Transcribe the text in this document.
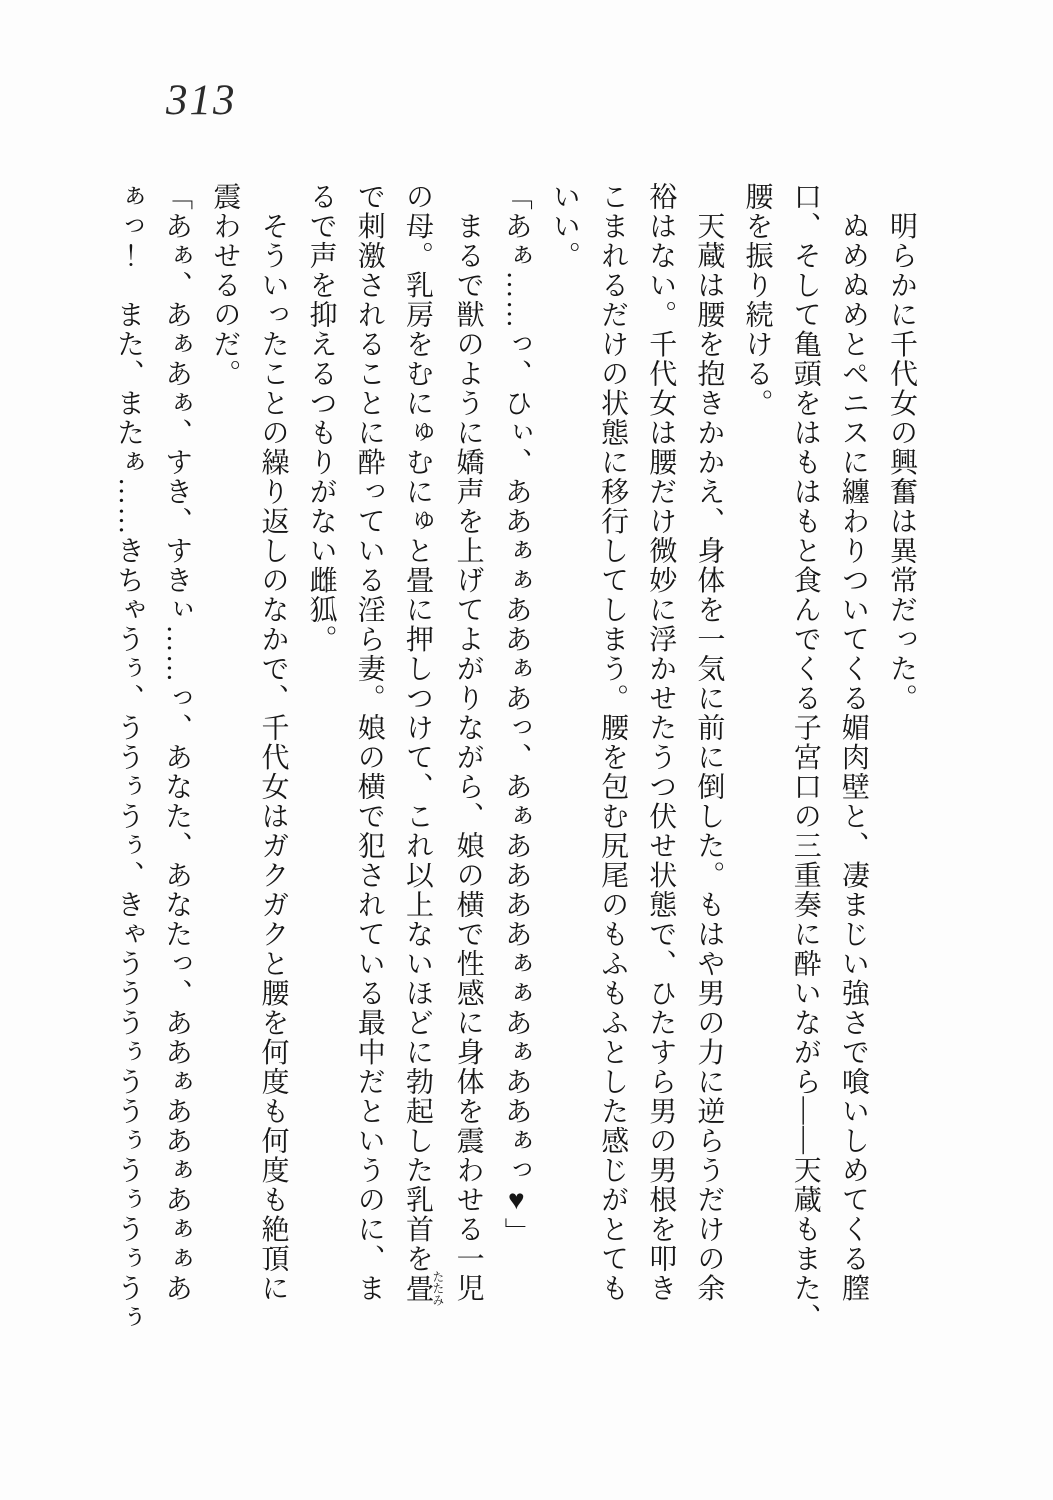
313

　明らかに千代女の興奮は異常だった。

　ぬめぬめとペニスに纏わりついてくる媚肉壁と、凄まじい強さで喰いしめてくる膣

口、そして亀頭をはもはもと食んでくる子宮口の三重奏に酔いながら――天蔵もまた、

腰を振り続ける。

　天蔵は腰を抱きかかえ、身体を一気に前に倒した。もはや男の力に逆らうだけの余

裕はない。千代女は腰だけ微妙に浮かせたうつ伏せ状態で、ひたすら男の男根を叩き

こまれるだけの状態に移行してしまう。腰を包む尻尾のもふもふとした感じがとても

いい。

「あぁ……っ、ひぃ、ああぁぁああぁあっ、あぁああああぁぁあぁああぁっ♥」

　まるで獣のように嬌声を上げてよがりながら、娘の横で性感に身体を震わせる一児

の母。乳房をむにゅむにゅと畳に押しつけて、これ以上ないほどに勃起した乳首を畳たたみ

で刺激されることに酔っている淫ら妻。娘の横で犯されている最中だというのに、ま

るで声を抑えるつもりがない雌狐。

　そういったことの繰り返しのなかで、千代女はガクガクと腰を何度も何度も絶頂に

震わせるのだ。

「あぁ、あぁあぁ、すき、すきぃ……っ、あなた、あなたっ、ああぁああぁあぁぁあ

ぁっ！　また、またぁ……きちゃうぅ、ううぅうぅ、きゃうううぅううぅうぅうぅうぅ
